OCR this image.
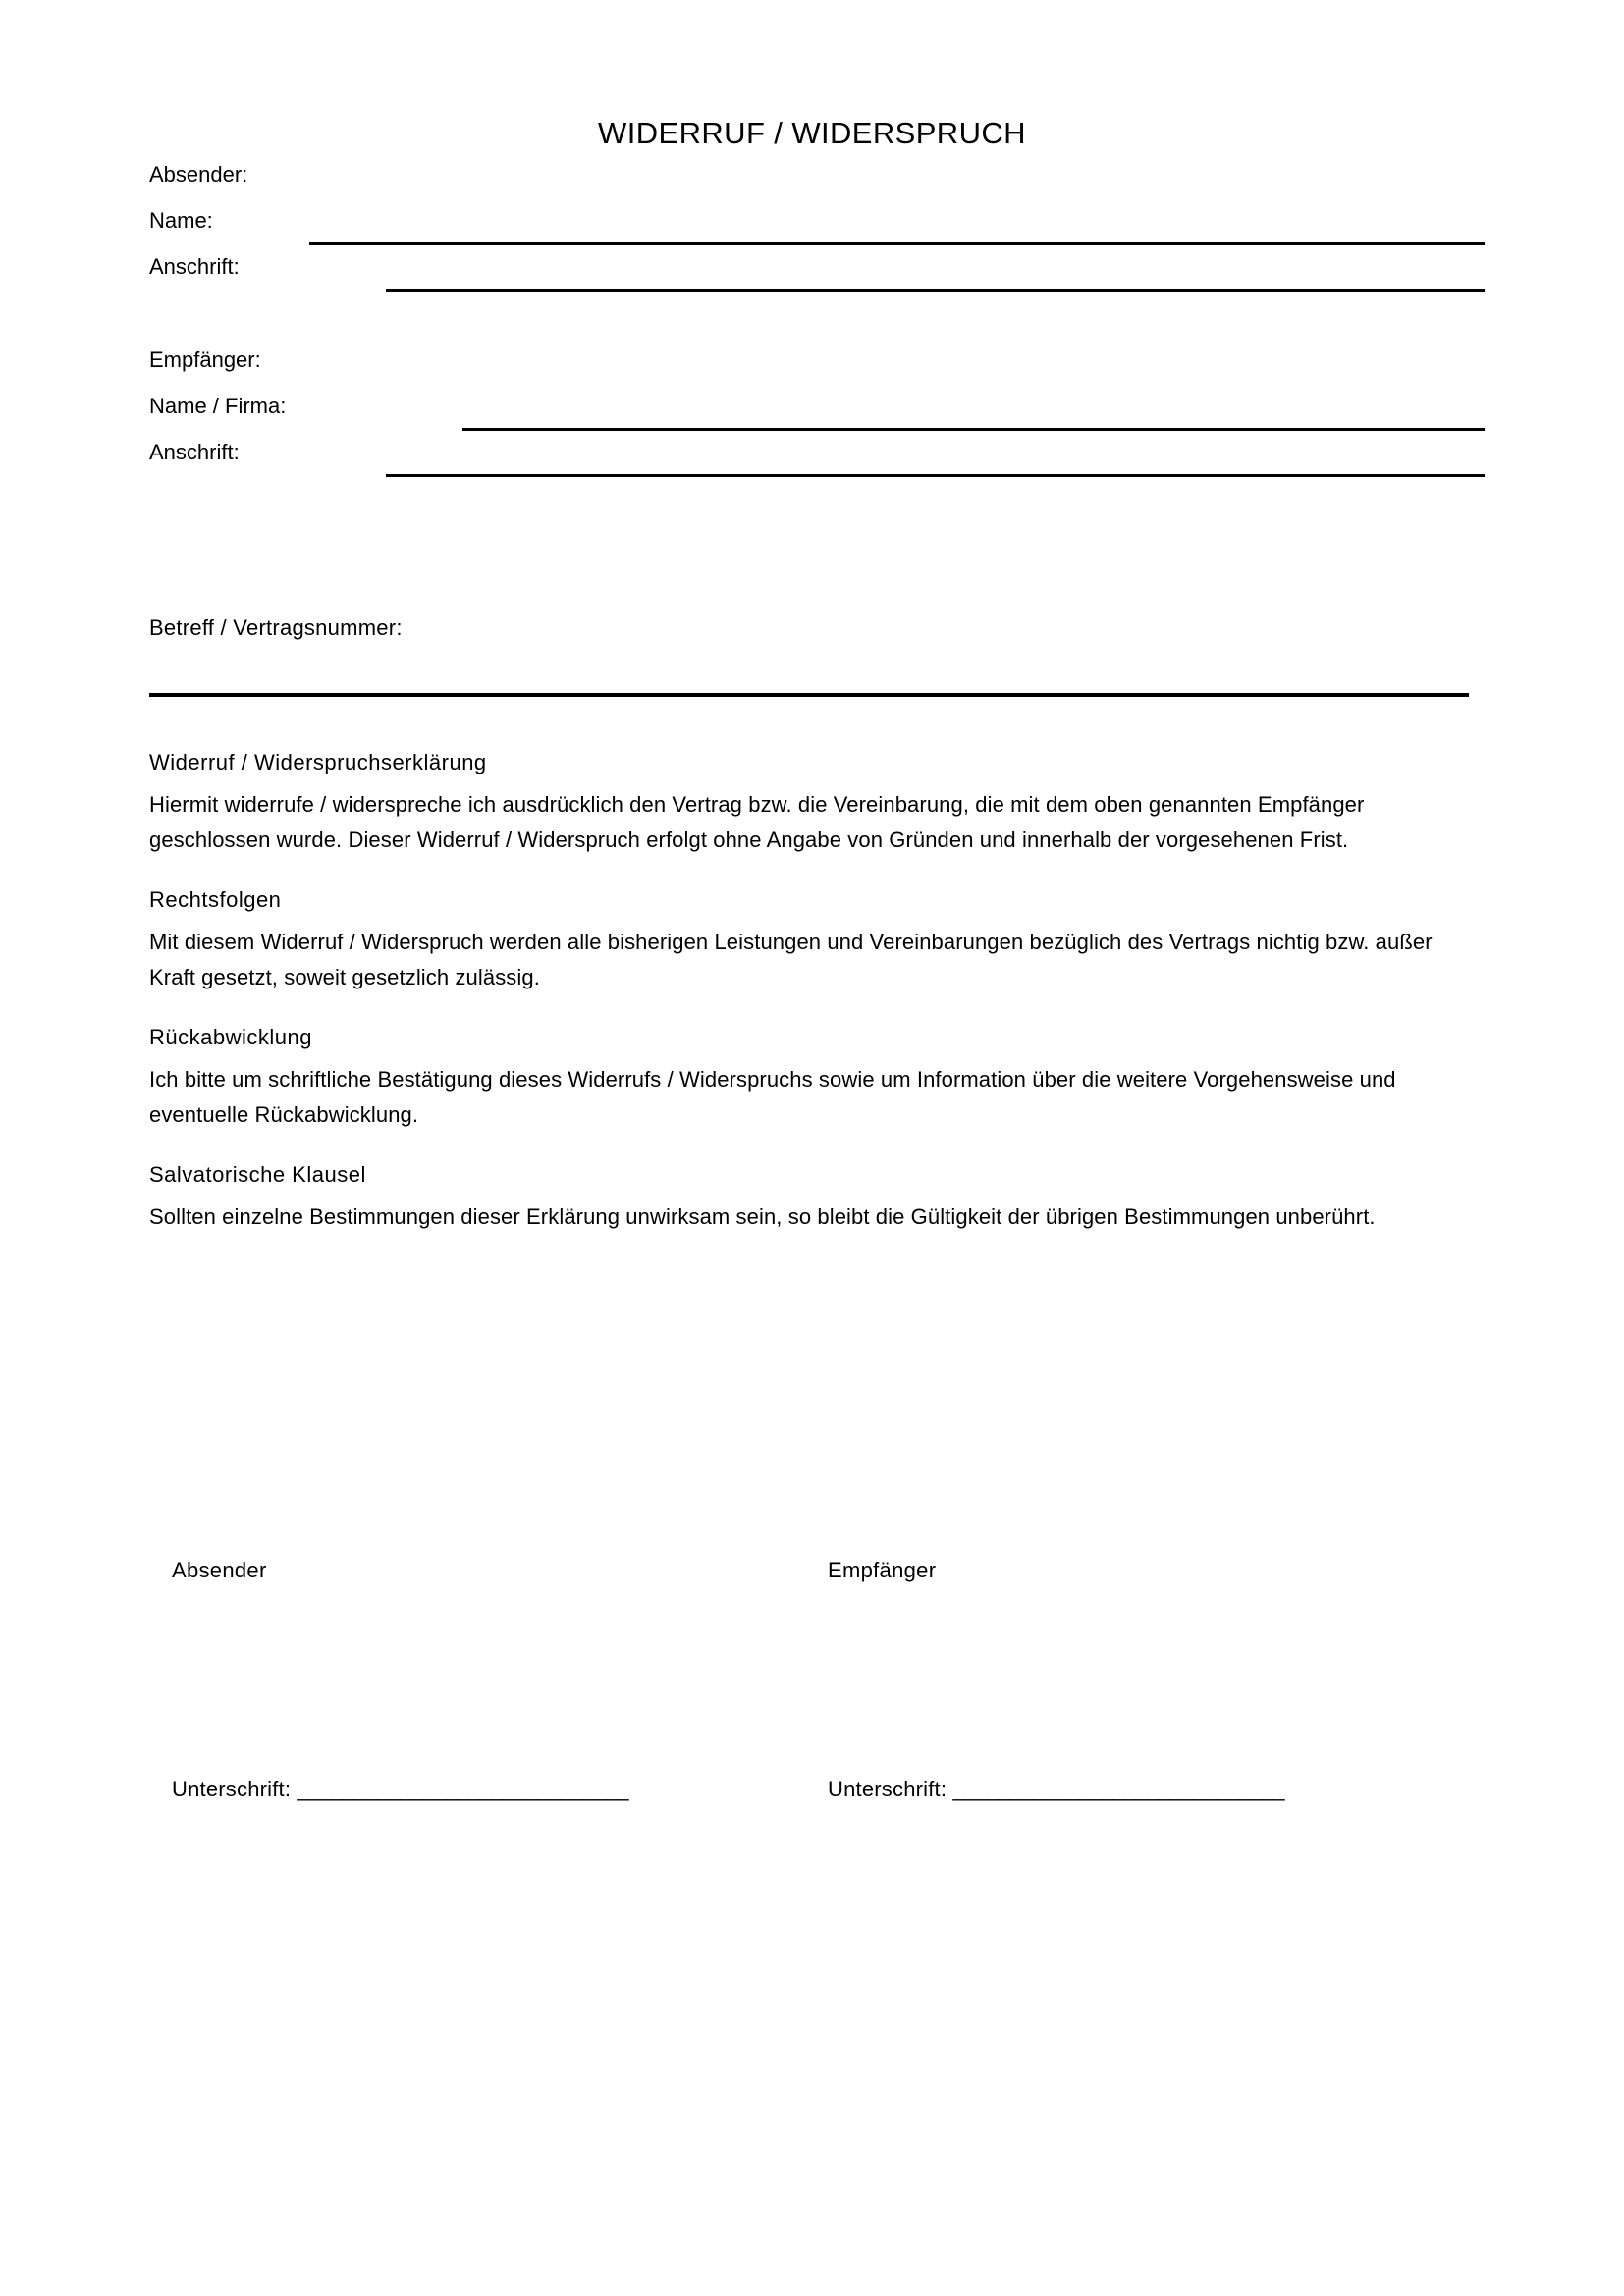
WIDERRUF / WIDERSPRUCH
Absender:
Name:
Anschrift:
Empfänger:
Name / Firma:
Anschrift:
Betreff / Vertragsnummer:

Widerruf / Widerspruchserklärung

Hiermit widerrufe / widerspreche ich ausdrücklich den Vertrag bzw. die Vereinbarung, die mit dem oben genannten Empfänger geschlossen wurde. Dieser Widerruf / Widerspruch erfolgt ohne Angabe von Gründen und innerhalb der vorgesehenen Frist.

Rechtsfolgen

Mit diesem Widerruf / Widerspruch werden alle bisherigen Leistungen und Vereinbarungen bezüglich des Vertrags nichtig bzw. außer Kraft gesetzt, soweit gesetzlich zulässig.

Rückabwicklung

Ich bitte um schriftliche Bestätigung dieses Widerrufs / Widerspruchs sowie um Information über die weitere Vorgehensweise und eventuelle Rückabwicklung.

Salvatorische Klausel

Sollten einzelne Bestimmungen dieser Erklärung unwirksam sein, so bleibt die Gültigkeit der übrigen Bestimmungen unberührt.

Absender	Empfänger
Unterschrift: _____________________________	Unterschrift: _____________________________
